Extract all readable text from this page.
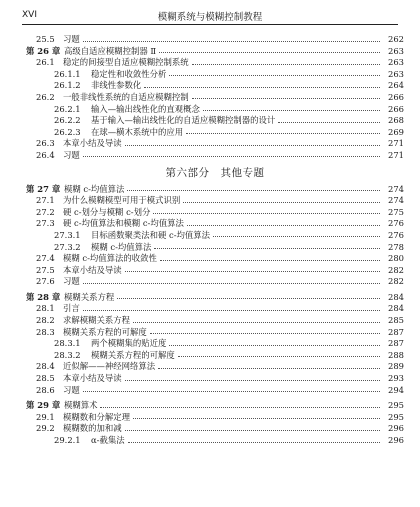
XVI	模糊系统与模糊控制教程
25.5 习题	262
第 26 章 高级自适应模糊控制器 Ⅱ	263
26.1 稳定的间接型自适应模糊控制系统	263
26.1.1 稳定性和收敛性分析	263
26.1.2 非线性参数化	264
26.2 一般非线性系统的自适应模糊控制	266
26.2.1 输入—输出线性化的直观概念	266
26.2.2 基于输入—输出线性化的自适应模糊控制器的设计	268
26.2.3 在球—横木系统中的应用	269
26.3 本章小结及导读	271
26.4 习题	271
第六部分　其他专题
第 27 章 模糊 c-均值算法	274
27.1 为什么模糊模型可用于模式识别	274
27.2 硬 c-划分与模糊 c-划分	275
27.3 硬 c-均值算法和模糊 c-均值算法	276
27.3.1 目标函数聚类法和硬 c-均值算法	276
27.3.2 模糊 c-均值算法	278
27.4 模糊 c-均值算法的收敛性	280
27.5 本章小结及导读	282
27.6 习题	282
第 28 章 模糊关系方程	284
28.1 引言	284
28.2 求解模糊关系方程	285
28.3 模糊关系方程的可解度	287
28.3.1 两个模糊集的贴近度	287
28.3.2 模糊关系方程的可解度	288
28.4 近似解——神经网络算法	289
28.5 本章小结及导读	293
28.6 习题	294
第 29 章 模糊算术	295
29.1 模糊数和分解定理	295
29.2 模糊数的加和减	296
29.2.1 α-截集法	296
